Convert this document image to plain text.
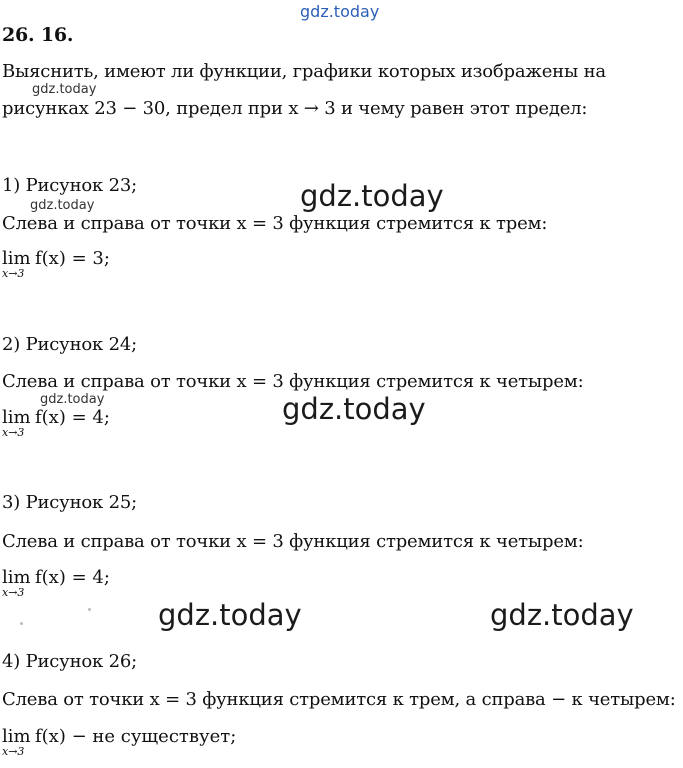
gdz.today
26. 16.
Выяснить, имеют ли функции, графики которых изображены на
gdz.today
рисунках 23 − 30, предел при x → 3 и чему равен этот предел:
1) Рисунок 23;	gdz.today
gdz.today
Слева и справа от точки x = 3 функция стремится к трем:
lim
x→3
f(x) = 3;
2) Рисунок 24;
Слева и справа от точки x = 3 функция стремится к четырем:
gdz.today	gdz.today
lim
x→3
f(x) = 4;
3) Рисунок 25;
Слева и справа от точки x = 3 функция стремится к четырем:
lim
x→3
f(x) = 4;
gdz.today	gdz.today
4) Рисунок 26;
Слева от точки x = 3 функция стремится к трем, а справа − к четырем:
lim
x→3
f(x) − не существует;
